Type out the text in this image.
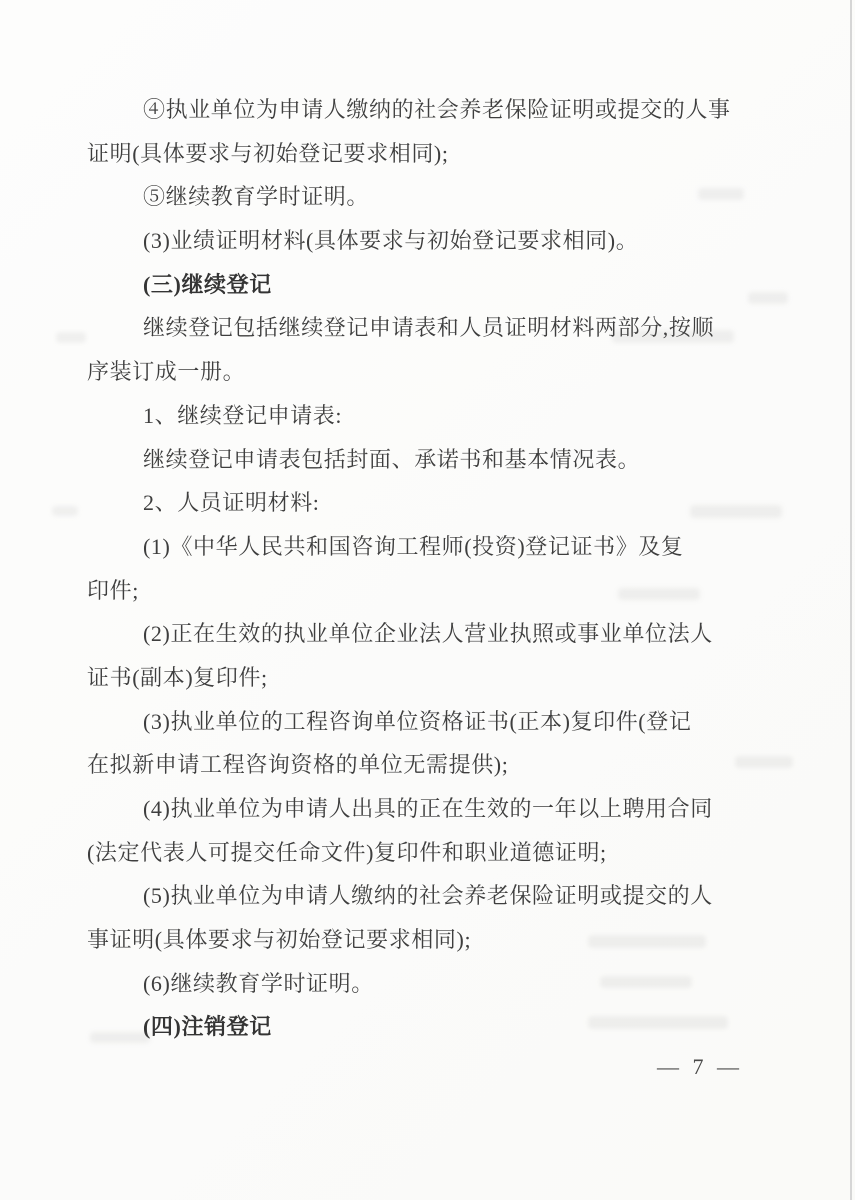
④执业单位为申请人缴纳的社会养老保险证明或提交的人事
证明(具体要求与初始登记要求相同);
⑤继续教育学时证明。
(3)业绩证明材料(具体要求与初始登记要求相同)。
(三)继续登记
继续登记包括继续登记申请表和人员证明材料两部分,按顺
序装订成一册。
1、继续登记申请表:
继续登记申请表包括封面、承诺书和基本情况表。
2、人员证明材料:
(1)《中华人民共和国咨询工程师(投资)登记证书》及复
印件;
(2)正在生效的执业单位企业法人营业执照或事业单位法人
证书(副本)复印件;
(3)执业单位的工程咨询单位资格证书(正本)复印件(登记
在拟新申请工程咨询资格的单位无需提供);
(4)执业单位为申请人出具的正在生效的一年以上聘用合同
(法定代表人可提交任命文件)复印件和职业道德证明;
(5)执业单位为申请人缴纳的社会养老保险证明或提交的人
事证明(具体要求与初始登记要求相同);
(6)继续教育学时证明。
(四)注销登记
— 7 —
